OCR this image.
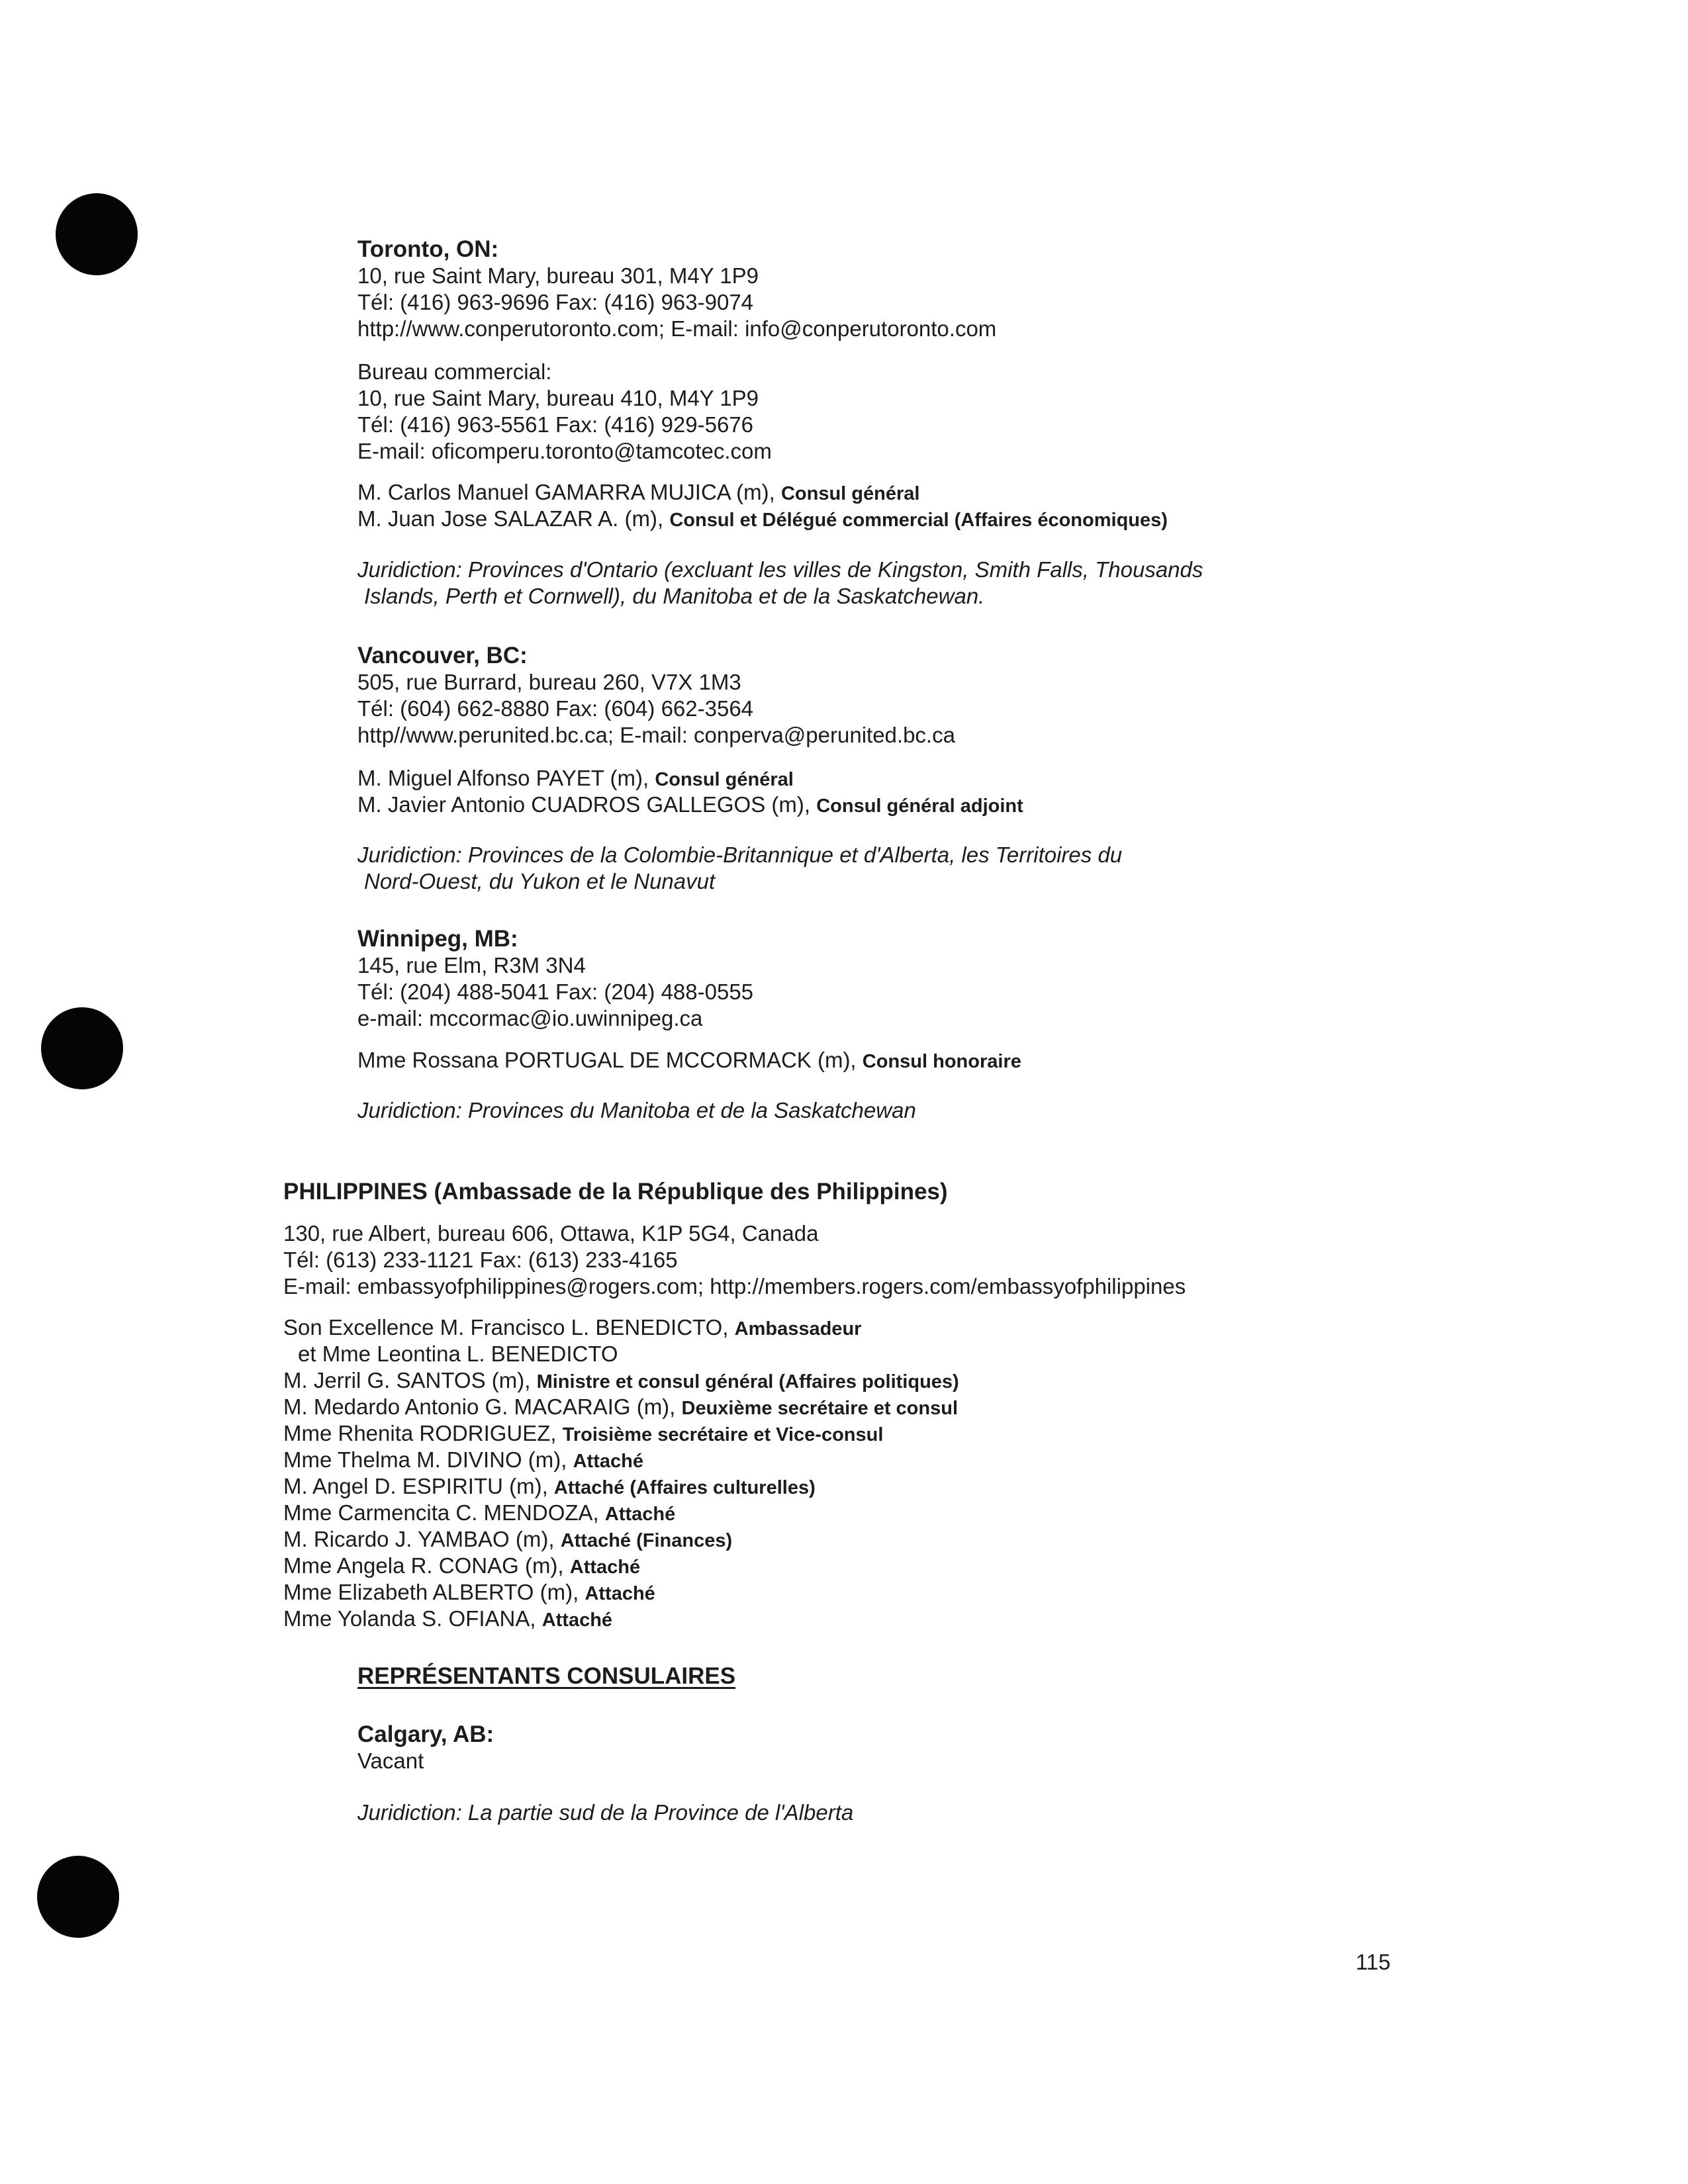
Toronto, ON:
10, rue Saint Mary, bureau 301, M4Y 1P9
Tél: (416) 963-9696 Fax: (416) 963-9074
http://www.conperutoronto.com; E-mail: info@conperutoronto.com
Bureau commercial:
10, rue Saint Mary, bureau 410, M4Y 1P9
Tél: (416) 963-5561 Fax: (416) 929-5676
E-mail: oficomperu.toronto@tamcotec.com
M. Carlos Manuel GAMARRA MUJICA (m), Consul général
M. Juan Jose SALAZAR A. (m), Consul et Délégué commercial (Affaires économiques)
Juridiction: Provinces d'Ontario (excluant les villes de Kingston, Smith Falls, Thousands
Islands, Perth et Cornwell), du Manitoba et de la Saskatchewan.
Vancouver, BC:
505, rue Burrard, bureau 260, V7X 1M3
Tél: (604) 662-8880 Fax: (604) 662-3564
http//www.perunited.bc.ca; E-mail: conperva@perunited.bc.ca
M. Miguel Alfonso PAYET (m), Consul général
M. Javier Antonio CUADROS GALLEGOS (m), Consul général adjoint
Juridiction: Provinces de la Colombie-Britannique et d'Alberta, les Territoires du
Nord-Ouest, du Yukon et le Nunavut
Winnipeg, MB:
145, rue Elm, R3M 3N4
Tél: (204) 488-5041 Fax: (204) 488-0555
e-mail: mccormac@io.uwinnipeg.ca
Mme Rossana PORTUGAL DE MCCORMACK (m), Consul honoraire
Juridiction: Provinces du Manitoba et de la Saskatchewan
PHILIPPINES (Ambassade de la République des Philippines)
130, rue Albert, bureau 606, Ottawa, K1P 5G4, Canada
Tél: (613) 233-1121 Fax: (613) 233-4165
E-mail: embassyofphilippines@rogers.com; http://members.rogers.com/embassyofphilippines
Son Excellence M. Francisco L. BENEDICTO, Ambassadeur
et Mme Leontina L. BENEDICTO
M. Jerril G. SANTOS (m), Ministre et consul général (Affaires politiques)
M. Medardo Antonio G. MACARAIG (m), Deuxième secrétaire et consul
Mme Rhenita RODRIGUEZ, Troisième secrétaire et Vice-consul
Mme Thelma M. DIVINO (m), Attaché
M. Angel D. ESPIRITU (m), Attaché (Affaires culturelles)
Mme Carmencita C. MENDOZA, Attaché
M. Ricardo J. YAMBAO (m), Attaché (Finances)
Mme Angela R. CONAG (m), Attaché
Mme Elizabeth ALBERTO (m), Attaché
Mme Yolanda S. OFIANA, Attaché
REPRÉSENTANTS CONSULAIRES
Calgary, AB:
Vacant
Juridiction: La partie sud de la Province de l'Alberta
115
